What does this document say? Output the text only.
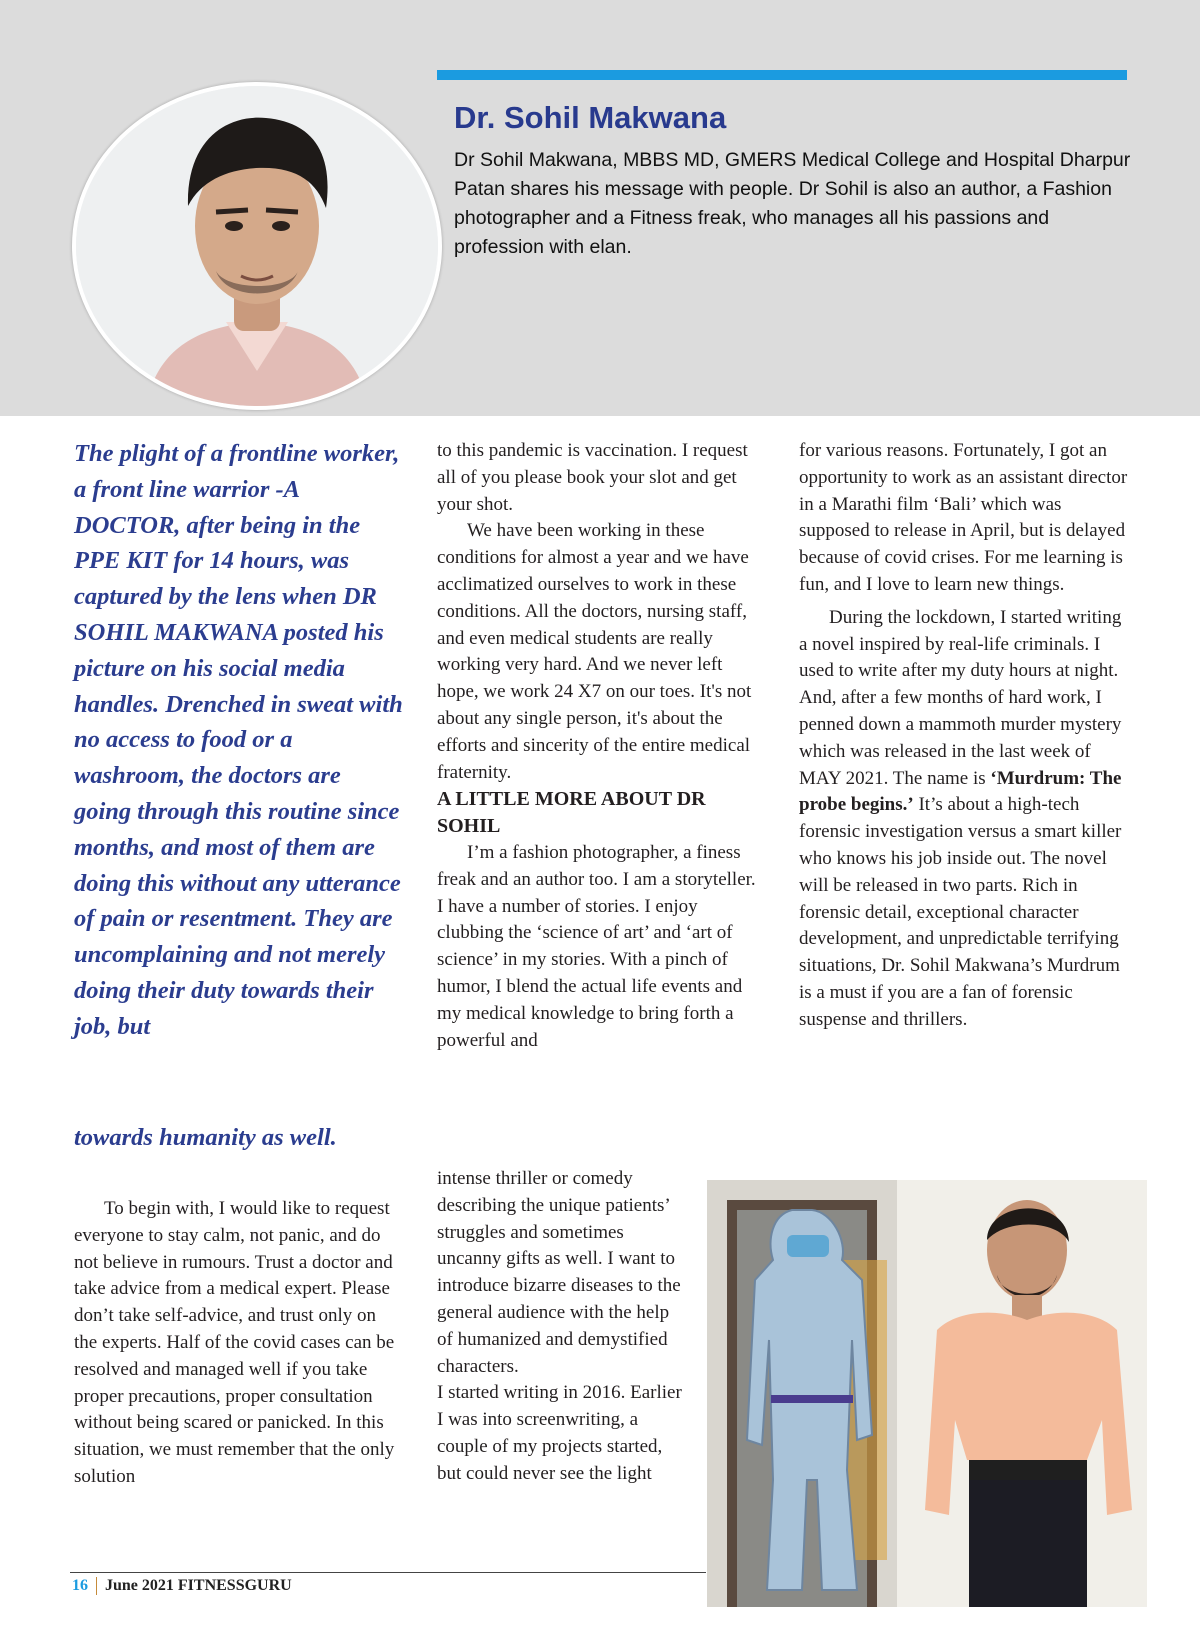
Dr. Sohil Makwana

Dr Sohil Makwana, MBBS MD, GMERS Medical College and Hospital Dharpur Patan shares his message with people. Dr Sohil is also an author, a Fashion photographer and a Fitness freak, who manages all his passions and profession with elan.

The plight of a frontline worker, a front line warrior -A DOCTOR, after being in the PPE KIT for 14 hours, was captured by the lens when DR SOHIL MAKWANA posted his picture on his social media handles. Drenched in sweat with no access to food or a washroom, the doctors are going through this routine since months, and most of them are doing this without any utterance of pain or resentment. They are uncomplaining and not merely doing their duty towards their job, but

towards humanity as well.

To begin with, I would like to request everyone to stay calm, not panic, and do not believe in rumours. Trust a doctor and take advice from a medical expert. Please don’t take self-advice, and trust only on the experts. Half of the covid cases can be resolved and managed well if you take proper precautions, proper consultation without being scared or panicked. In this situation, we must remember that the only solution

to this pandemic is vaccination. I request all of you please book your slot and get your shot.

We have been working in these conditions for almost a year and we have acclimatized ourselves to work in these conditions. All the doctors, nursing staff, and even medical students are really working very hard. And we never left hope, we work 24 X7 on our toes. It's not about any single person, it's about the efforts and sincerity of the entire medical fraternity.

A LITTLE MORE ABOUT DR SOHIL

I’m a fashion photographer, a finess freak and an author too. I am a storyteller. I have a number of stories. I enjoy clubbing the ‘science of art’ and ‘art of science’ in my stories. With a pinch of humor, I blend the actual life events and my medical knowledge to bring forth a powerful and

intense thriller or comedy describing the unique patients’ struggles and sometimes uncanny gifts as well. I want to introduce bizarre diseases to the general audience with the help of humanized and demystified characters.

I started writing in 2016. Earlier I was into screenwriting, a couple of my projects started, but could never see the light

for various reasons. Fortunately, I got an opportunity to work as an assistant director in a Marathi film ‘Bali’ which was supposed to release in April, but is delayed because of covid crises. For me learning is fun, and I love to learn new things.

During the lockdown, I started writing a novel inspired by real-life criminals. I used to write after my duty hours at night. And, after a few months of hard work, I penned down a mammoth murder mystery which was released in the last week of MAY 2021. The name is ‘Murdrum: The probe begins.’ It’s about a high-tech forensic investigation versus a smart killer who knows his job inside out. The novel will be released in two parts. Rich in forensic detail, exceptional character development, and unpredictable terrifying situations, Dr. Sohil Makwana’s Murdrum is a must if you are a fan of forensic suspense and thrillers.

16 June 2021 FITNESSGURU
